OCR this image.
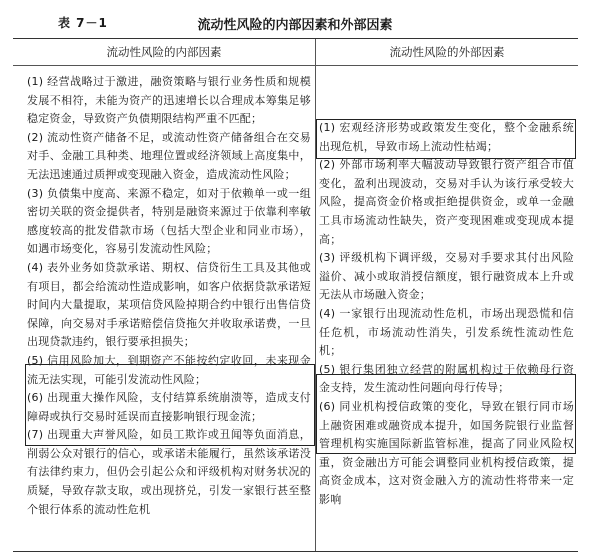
表 7－1	流动性风险的内部因素和外部因素
流动性风险的内部因素	流动性风险的外部因素

(1) 经营战略过于激进，融资策略与银行业务性质和规模发展不相符，未能为资产的迅速增长以合理成本筹集足够稳定资金，导致资产负债期限结构严重不匹配；

(2) 流动性资产储备不足，或流动性资产储备组合在交易对手、金融工具种类、地理位置或经济领域上高度集中，无法迅速通过质押或变现融入资金，造成流动性风险；

(3) 负债集中度高、来源不稳定，如对于依赖单一或一组密切关联的资金提供者，特别是融资来源过于依靠利率敏感度较高的批发借款市场（包括大型企业和同业市场），如遇市场变化，容易引发流动性风险；

(4) 表外业务如贷款承诺、期权、信贷衍生工具及其他或有项目，都会给流动性造成影响，如客户依据贷款承诺短时间内大量提取，某项信贷风险掉期合约中银行出售信贷保障，向交易对手承诺赔偿信贷拖欠并收取承诺费，一旦出现贷款违约，银行要承担损失；

(5) 信用风险加大，到期资产不能按约定收回，未来现金流无法实现，可能引发流动性风险；

(6) 出现重大操作风险，支付结算系统崩溃等，造成支付障碍或执行交易时延误而直接影响银行现金流；

(7) 出现重大声誉风险，如员工欺诈或丑闻等负面消息，削弱公众对银行的信心，或承诺未能履行，虽然该承诺没有法律约束力，但仍会引起公众和评级机构对财务状况的质疑，导致存款支取，或出现挤兑，引发一家银行甚至整个银行体系的流动性危机

(1) 宏观经济形势或政策发生变化，整个金融系统出现危机，导致市场上流动性枯竭；

(2) 外部市场利率大幅波动导致银行资产组合市值变化，盈利出现波动，交易对手认为该行承受较大风险，提高资金价格或拒绝提供资金，或单一金融工具市场流动性缺失，资产变现困难或变现成本提高；

(3) 评级机构下调评级，交易对手要求其付出风险溢价、减小或取消授信额度，银行融资成本上升或无法从市场融入资金；

(4) 一家银行出现流动性危机，市场出现恐慌和信任危机，市场流动性消失，引发系统性流动性危机；

(5) 银行集团独立经营的附属机构过于依赖母行资金支持，发生流动性问题向母行传导；

(6) 同业机构授信政策的变化，导致在银行同市场上融资困难或融资成本提升，如国务院银行业监督管理机构实施国际新监管标准，提高了同业风险权重，资金融出方可能会调整同业机构授信政策，提高资金成本，这对资金融入方的流动性将带来一定影响
